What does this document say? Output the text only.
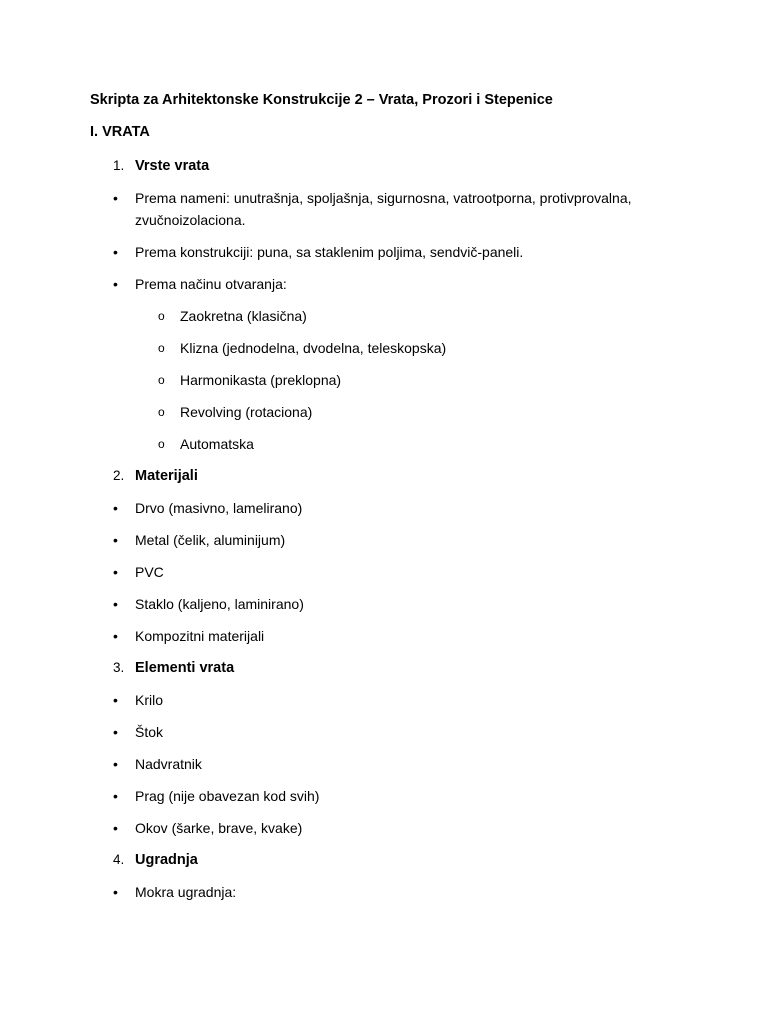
Skripta za Arhitektonske Konstrukcije 2 – Vrata, Prozori i Stepenice
I. VRATA
1. Vrste vrata
• Prema nameni: unutrašnja, spoljašnja, sigurnosna, vatrootporna, protivprovalna, zvučnoizolaciona.
• Prema konstrukciji: puna, sa staklenim poljima, sendvič-paneli.
• Prema načinu otvaranja:
o Zaokretna (klasična)
o Klizna (jednodelna, dvodelna, teleskopska)
o Harmonikasta (preklopna)
o Revolving (rotaciona)
o Automatska
2. Materijali
• Drvo (masivno, lamelirano)
• Metal (čelik, aluminijum)
• PVC
• Staklo (kaljeno, laminirano)
• Kompozitni materijali
3. Elementi vrata
• Krilo
• Štok
• Nadvratnik
• Prag (nije obavezan kod svih)
• Okov (šarke, brave, kvake)
4. Ugradnja
• Mokra ugradnja:
